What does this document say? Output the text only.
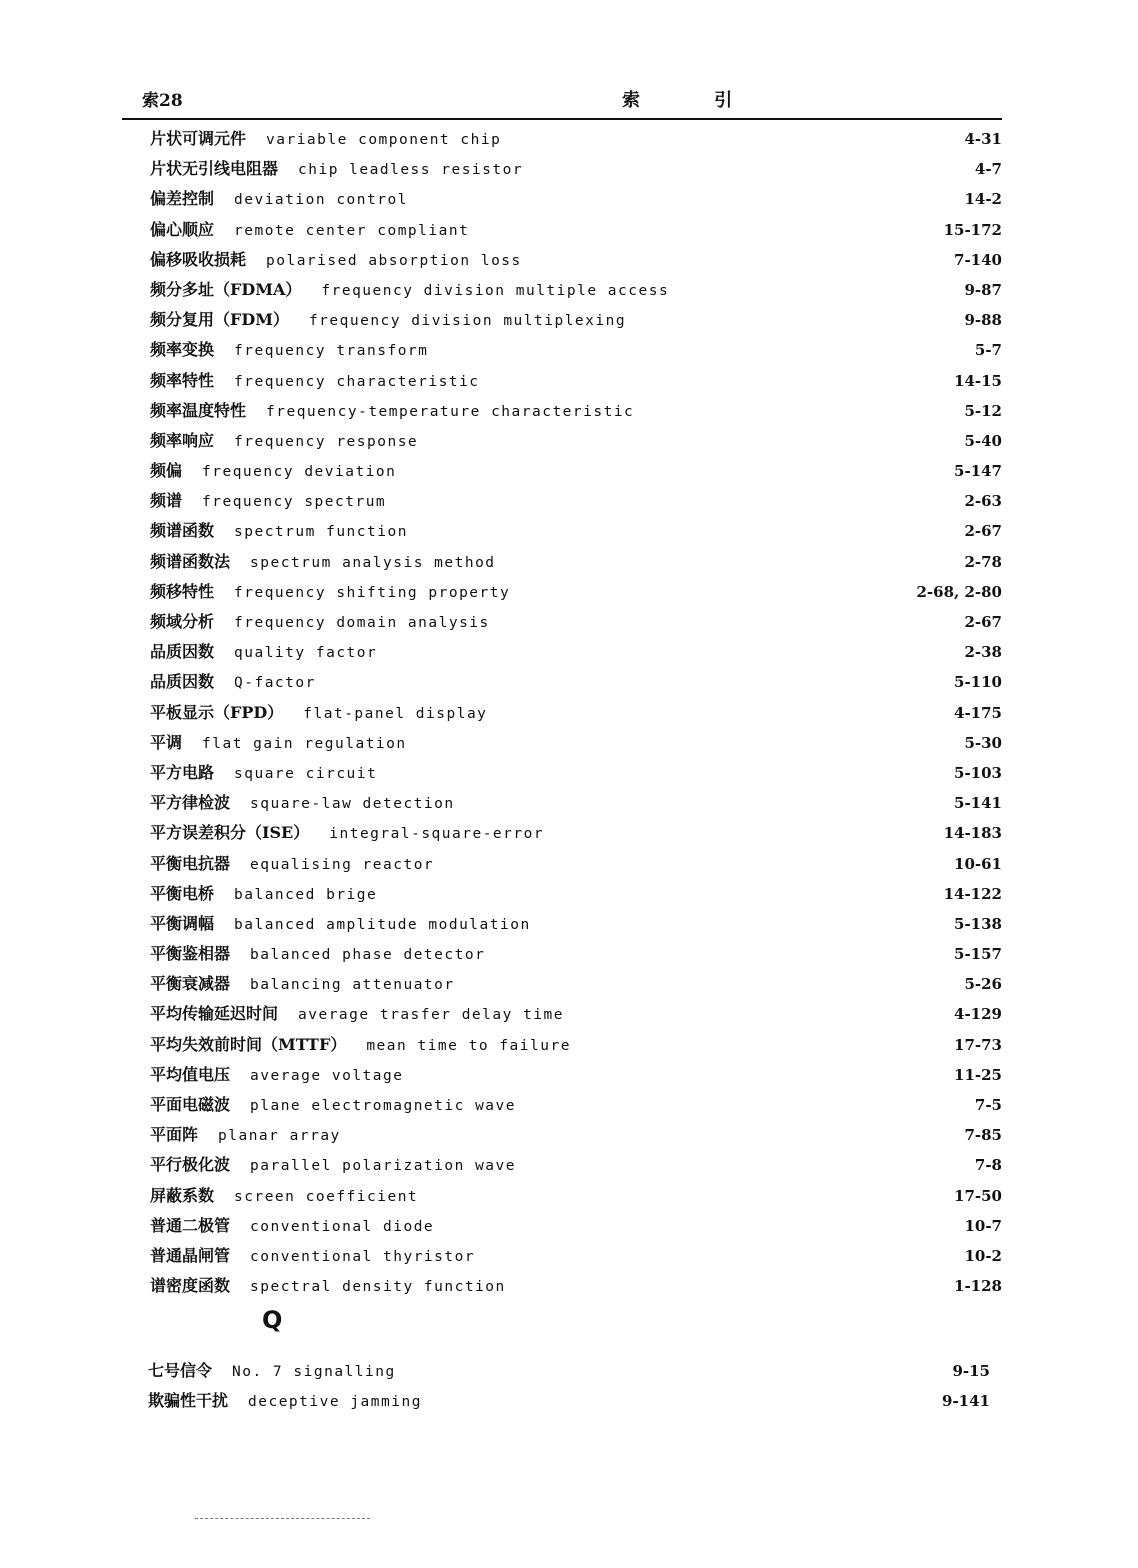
索28	索 引
片状可调元件 variable component chip	4-31
片状无引线电阻器 chip leadless resistor	4-7
偏差控制 deviation control	14-2
偏心顺应 remote center compliant	15-172
偏移吸收损耗 polarised absorption loss	7-140
频分多址（FDMA） frequency division multiple access	9-87
频分复用（FDM） frequency division multiplexing	9-88
频率变换 frequency transform	5-7
频率特性 frequency characteristic	14-15
频率温度特性 frequency-temperature characteristic	5-12
频率响应 frequency response	5-40
频偏 frequency deviation	5-147
频谱 frequency spectrum	2-63
频谱函数 spectrum function	2-67
频谱函数法 spectrum analysis method	2-78
频移特性 frequency shifting property	2-68, 2-80
频域分析 frequency domain analysis	2-67
品质因数 quality factor	2-38
品质因数 Q-factor	5-110
平板显示（FPD） flat-panel display	4-175
平调 flat gain regulation	5-30
平方电路 square circuit	5-103
平方律检波 square-law detection	5-141
平方误差积分（ISE） integral-square-error	14-183
平衡电抗器 equalising reactor	10-61
平衡电桥 balanced brige	14-122
平衡调幅 balanced amplitude modulation	5-138
平衡鉴相器 balanced phase detector	5-157
平衡衰减器 balancing attenuator	5-26
平均传输延迟时间 average trasfer delay time	4-129
平均失效前时间（MTTF） mean time to failure	17-73
平均值电压 average voltage	11-25
平面电磁波 plane electromagnetic wave	7-5
平面阵 planar array	7-85
平行极化波 parallel polarization wave	7-8
屏蔽系数 screen coefficient	17-50
普通二极管 conventional diode	10-7
普通晶闸管 conventional thyristor	10-2
谱密度函数 spectral density function	1-128
Q
七号信令 No. 7 signalling	9-15
欺骗性干扰 deceptive jamming	9-141
